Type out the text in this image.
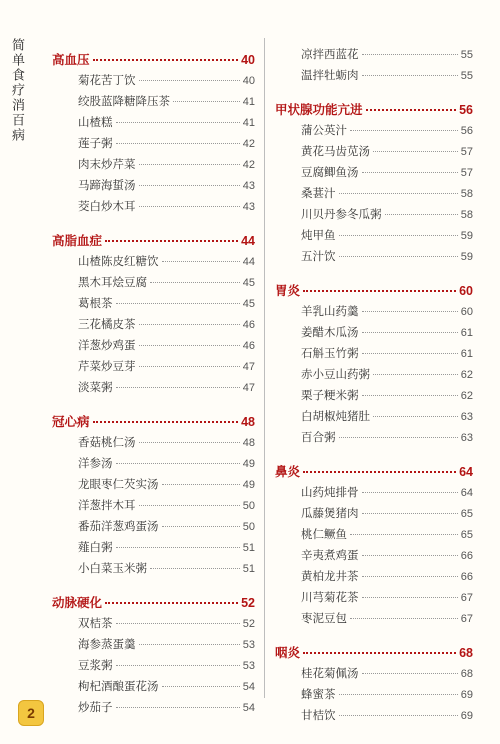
简单食疗消百病 高血压	40
菊花苦丁饮	40
绞股蓝降糖降压茶	41
山楂糕	41
莲子粥	42
肉末炒芹菜	42
马蹄海蜇汤	43
茭白炒木耳	43
高脂血症	44
山楂陈皮红糖饮	44
黑木耳烩豆腐	45
葛根茶	45
三花橘皮茶	46
洋葱炒鸡蛋	46
芹菜炒豆芽	47
淡菜粥	47
冠心病	48
香菇桃仁汤	48
洋参汤	49
龙眼枣仁芡实汤	49
洋葱拌木耳	50
番茄洋葱鸡蛋汤	50
薤白粥	51
小白菜玉米粥	51
动脉硬化	52
双桔茶	52
海参蒸蛋羹	53
豆浆粥	53
枸杞酒酿蛋花汤	54
炒茄子	54
凉拌西蓝花	55
温拌牡蛎肉	55
甲状腺功能亢进	56
蒲公英汁	56
黄花马齿苋汤	57
豆腐鲫鱼汤	57
桑葚汁	58
川贝丹参冬瓜粥	58
炖甲鱼	59
五汁饮	59
胃炎	60
羊乳山药羹	60
姜醋木瓜汤	61
石斛玉竹粥	61
赤小豆山药粥	62
栗子粳米粥	62
白胡椒炖猪肚	63
百合粥	63
鼻炎	64
山药炖排骨	64
瓜藤煲猪肉	65
桃仁鳜鱼	65
辛夷煮鸡蛋	66
黄柏龙井茶	66
川芎菊花茶	67
枣泥豆包	67
咽炎	68
桂花菊佩汤	68
蜂蜜茶	69
甘桔饮	69
2
